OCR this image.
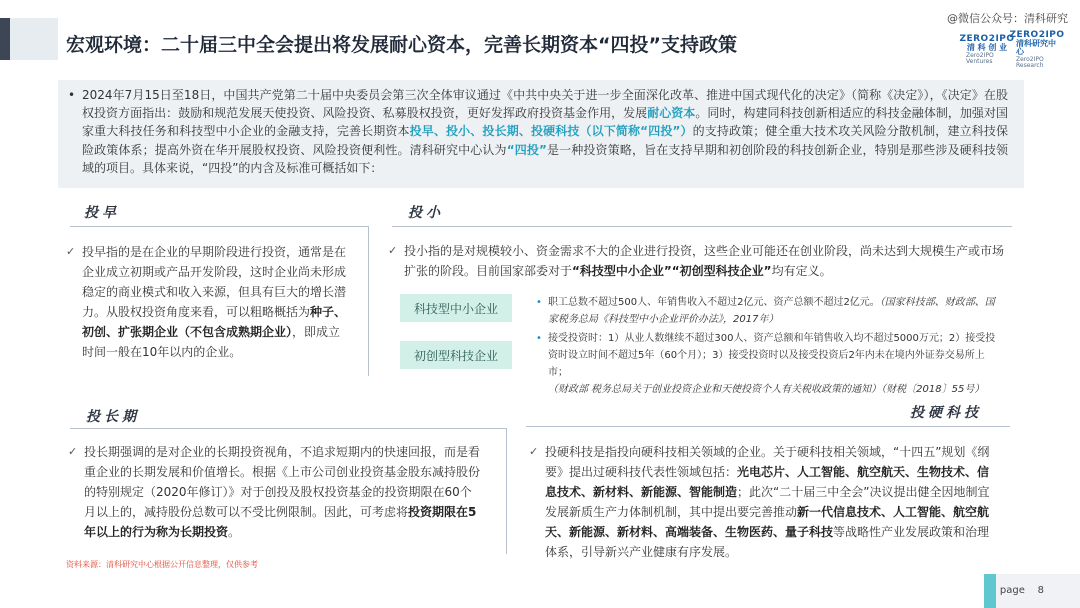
@微信公众号：清科研究
宏观环境：二十届三中全会提出将发展耐心资本，完善长期资本“四投”支持政策	ZERO2IPO
清 科 创 业
Zero2IPO Ventures
ZERO2IPO
清科研究中心
Zero2IPO Research

• 2024年7月15日至18日，中国共产党第二十届中央委员会第三次全体审议通过《中共中央关于进一步全面深化改革、推进中国式现代化的决定》（简称《决定》），《决定》在股权投资方面指出：鼓励和规范发展天使投资、风险投资、私募股权投资，更好发挥政府投资基金作用，发展耐心资本。同时，构建同科技创新相适应的科技金融体制，加强对国家重大科技任务和科技型中小企业的金融支持，完善长期资本投早、投小、投长期、投硬科技（以下简称“四投”）的支持政策；健全重大技术攻关风险分散机制，建立科技保险政策体系；提高外资在华开展股权投资、风险投资便利性。清科研究中心认为“四投”是一种投资策略，旨在支持早期和初创阶段的科技创新企业，特别是那些涉及硬科技领域的项目。具体来说，“四投”的内含及标准可概括如下：

投早
✓ 投早指的是在企业的早期阶段进行投资，通常是在企业成立初期或产品开发阶段，这时企业尚未形成稳定的商业模式和收入来源，但具有巨大的增长潜力。从股权投资角度来看，可以粗略概括为种子、初创、扩张期企业（不包含成熟期企业），即成立时间一般在10年以内的企业。
投小
✓ 投小指的是对规模较小、资金需求不大的企业进行投资，这些企业可能还在创业阶段，尚未达到大规模生产或市场扩张的阶段。目前国家部委对于“科技型中小企业”“初创型科技企业”均有定义。
科技型中小企业
初创型科技企业
• 职工总数不超过500人、年销售收入不超过2亿元、资产总额不超过2亿元。（国家科技部、财政部、国家税务总局《科技型中小企业评价办法》，2017年）
• 接受投资时：1）从业人数继续不超过300人、资产总额和年销售收入均不超过5000万元；2）接受投资时设立时间不超过5年（60个月）；3）接受投资时以及接受投资后2年内未在境内外证券交易所上市；（财政部 税务总局关于创业投资企业和天使投资个人有关税收政策的通知）（财税〔2018〕55号）
投长期
✓ 投长期强调的是对企业的长期投资视角，不追求短期内的快速回报，而是看重企业的长期发展和价值增长。根据《上市公司创业投资基金股东减持股份的特别规定（2020年修订）》对于创投及股权投资基金的投资期限在60个月以上的，减持股份总数可以不受比例限制。因此，可考虑将投资期限在5年以上的行为称为长期投资。
投硬科技
✓ 投硬科技是指投向硬科技相关领域的企业。关于硬科技相关领域，“十四五”规划《纲要》提出过硬科技代表性领域包括：光电芯片、人工智能、航空航天、生物技术、信息技术、新材料、新能源、智能制造；此次“二十届三中全会”决议提出健全因地制宜发展新质生产力体制机制，其中提出要完善推动新一代信息技术、人工智能、航空航天、新能源、新材料、高端装备、生物医药、量子科技等战略性产业发展政策和治理体系，引导新兴产业健康有序发展。
资料来源：清科研究中心根据公开信息整理，仅供参考
page 8
